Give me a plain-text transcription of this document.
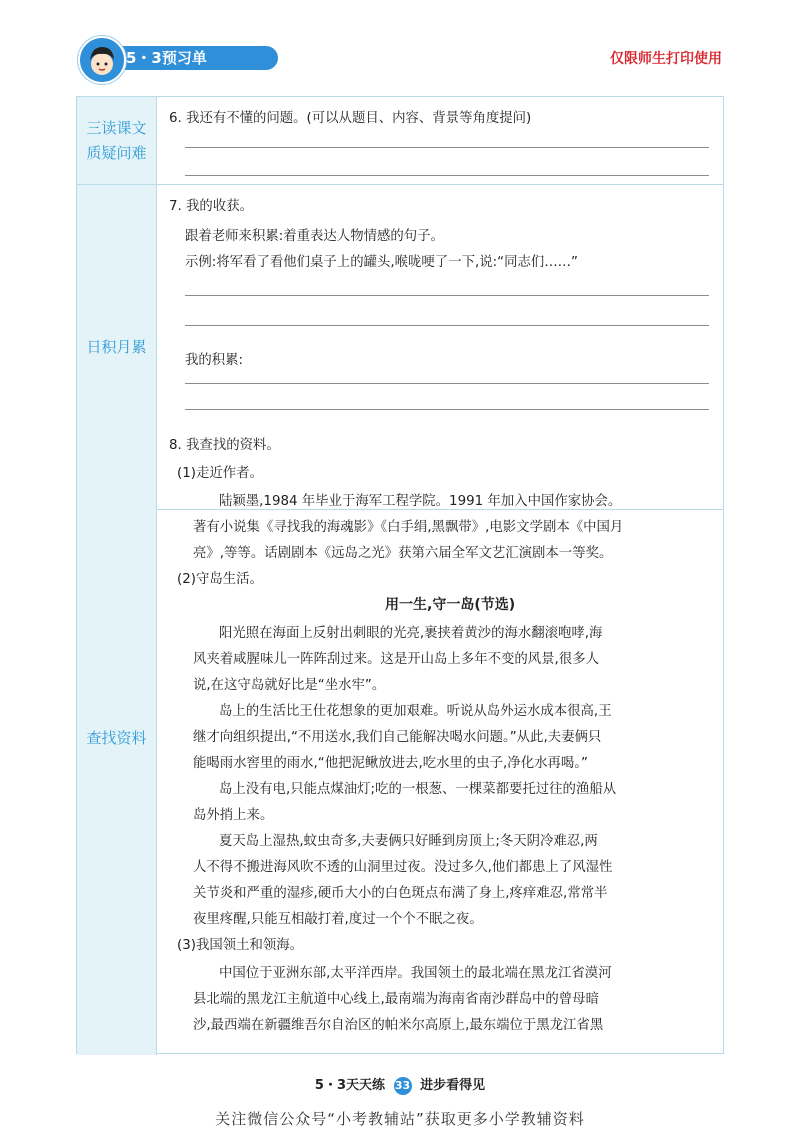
5・3预习单	仅限师生打印使用
三读课文
质疑问难
6. 我还有不懂的问题。(可以从题目、内容、背景等角度提问)
日积月累
7. 我的收获。
跟着老师来积累:着重表达人物情感的句子。
示例:将军看了看他们桌子上的罐头,喉咙哽了一下,说:“同志们……”
我的积累:
查找资料
8. 我查找的资料。
(1)走近作者。
陆颖墨,1984 年毕业于海军工程学院。1991 年加入中国作家协会。
著有小说集《寻找我的海魂影》《白手绢,黑飘带》,电影文学剧本《中国月
亮》,等等。话剧剧本《远岛之光》获第六届全军文艺汇演剧本一等奖。
(2)守岛生活。
用一生,守一岛(节选)
阳光照在海面上反射出刺眼的光亮,裹挟着黄沙的海水翻滚咆哮,海
风夹着咸腥味儿一阵阵刮过来。这是开山岛上多年不变的风景,很多人
说,在这守岛就好比是“坐水牢”。
岛上的生活比王仕花想象的更加艰难。听说从岛外运水成本很高,王
继才向组织提出,“不用送水,我们自己能解决喝水问题。”从此,夫妻俩只
能喝雨水窖里的雨水,“他把泥鳅放进去,吃水里的虫子,净化水再喝。”
岛上没有电,只能点煤油灯;吃的一根葱、一棵菜都要托过往的渔船从
岛外捎上来。
夏天岛上湿热,蚊虫奇多,夫妻俩只好睡到房顶上;冬天阴冷难忍,两
人不得不搬进海风吹不透的山洞里过夜。没过多久,他们都患上了风湿性
关节炎和严重的湿疹,硬币大小的白色斑点布满了身上,疼痒难忍,常常半
夜里疼醒,只能互相敲打着,度过一个个不眠之夜。
(3)我国领土和领海。
中国位于亚洲东部,太平洋西岸。我国领土的最北端在黑龙江省漠河
县北端的黑龙江主航道中心线上,最南端为海南省南沙群岛中的曾母暗
沙,最西端在新疆维吾尔自治区的帕米尔高原上,最东端位于黑龙江省黑
5・3天天练 33 进步看得见
关注微信公众号“小考教辅站”获取更多小学教辅资料
